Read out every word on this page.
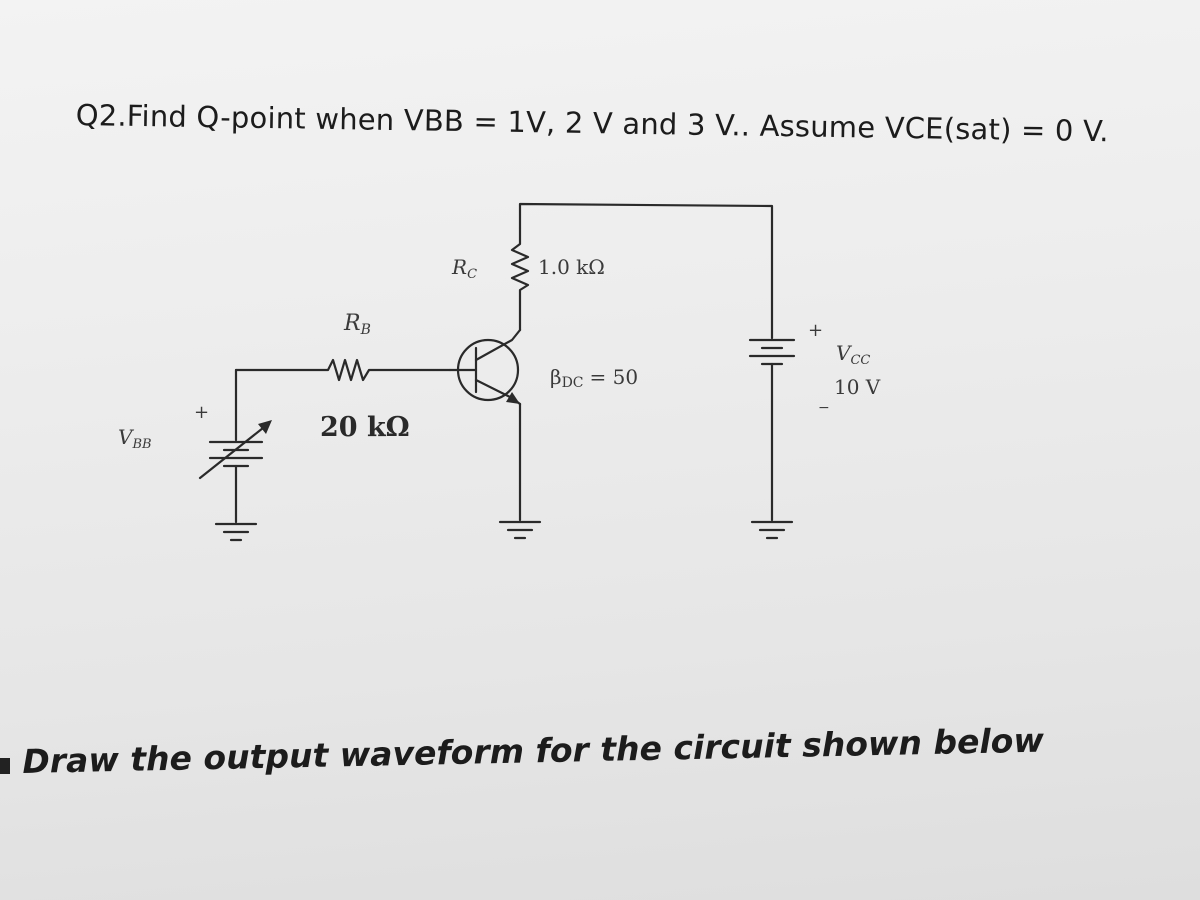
Q2.Find Q-point when VBB = 1V, 2 V and 3 V.. Assume VCE(sat) = 0 V.
$R_C$	1.0 kΩ
RB
20 kΩ
βDC = 50
+
$V_{CC}$
10 V
−
+
$V_{BB}$
Draw the output waveform for the circuit shown below
